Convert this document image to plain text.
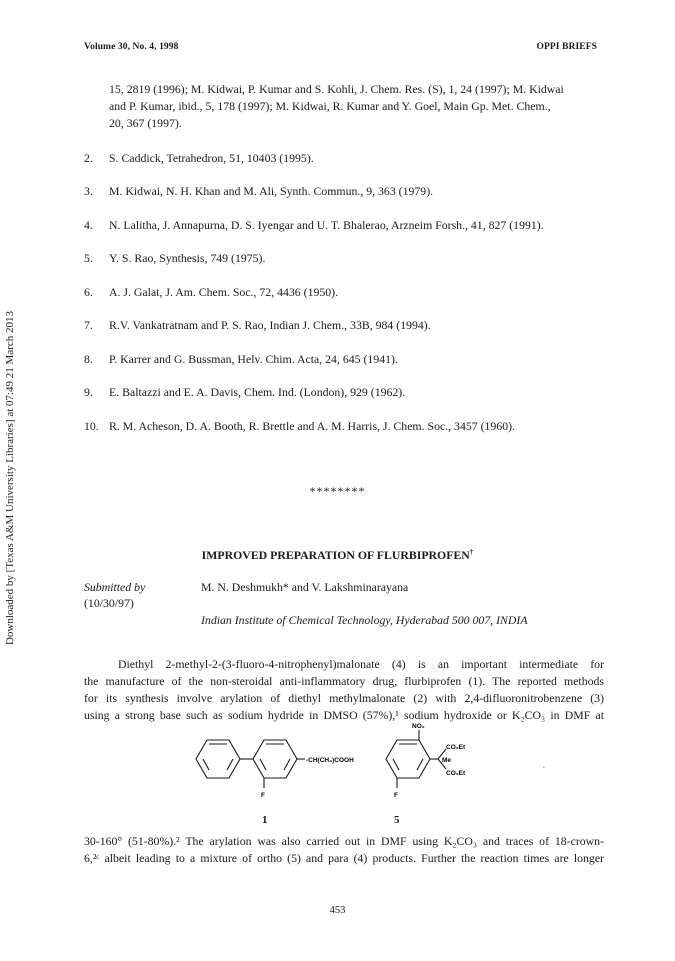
Volume 30, No. 4, 1998	OPPI BRIEFS
Downloaded by [Texas A&M University Libraries] at 07:49 21 March 2013
15, 2819 (1996); M. Kidwai, P. Kumar and S. Kohli, J. Chem. Res. (S), 1, 24 (1997); M. Kidwai
and P. Kumar, ibid., 5, 178 (1997); M. Kidwai, R. Kumar and Y. Goel, Main Gp. Met. Chem.,
20, 367 (1997).
2. S. Caddick, Tetrahedron, 51, 10403 (1995).
3. M. Kidwai, N. H. Khan and M. Ali, Synth. Commun., 9, 363 (1979).
4. N. Lalitha, J. Annapurna, D. S. Iyengar and U. T. Bhalerao, Arzneim Forsh., 41, 827 (1991).
5. Y. S. Rao, Synthesis, 749 (1975).
6. A. J. Galat, J. Am. Chem. Soc., 72, 4436 (1950).
7. R.V. Vankatratnam and P. S. Rao, Indian J. Chem., 33B, 984 (1994).
8. P. Karrer and G. Bussman, Helv. Chim. Acta, 24, 645 (1941).
9. E. Baltazzi and E. A. Davis, Chem. Ind. (London), 929 (1962).
10. R. M. Acheson, D. A. Booth, R. Brettle and A. M. Harris, J. Chem. Soc., 3457 (1960).
********
IMPROVED PREPARATION OF FLURBIPROFEN†
Submitted by
(10/30/97)
M. N. Deshmukh* and V. Lakshminarayana
Indian Institute of Chemical Technology, Hyderabad 500 007, INDIA
Diethyl 2-methyl-2-(3-fluoro-4-nitrophenyl)malonate (4) is an important intermediate for
the manufacture of the non-steroidal anti-inflammatory drug, flurbiprofen (1). The reported methods
for its synthesis involve arylation of diethyl methylmalonate (2) with 2,4-difluoronitrobenzene (3)
using a strong base such as sodium hydride in DMSO (57%),¹ sodium hydroxide or K₂CO₃ in DMF at
-CH(CH₃)COOH
F
NO₂
CO₂Et
Me
CO₂Et
F
.
1	5
30-160° (51-80%).² The arylation was also carried out in DMF using K₂CO₃ and traces of 18-crown-
6,²ᶜ albeit leading to a mixture of ortho (5) and para (4) products. Further the reaction times are longer
453
